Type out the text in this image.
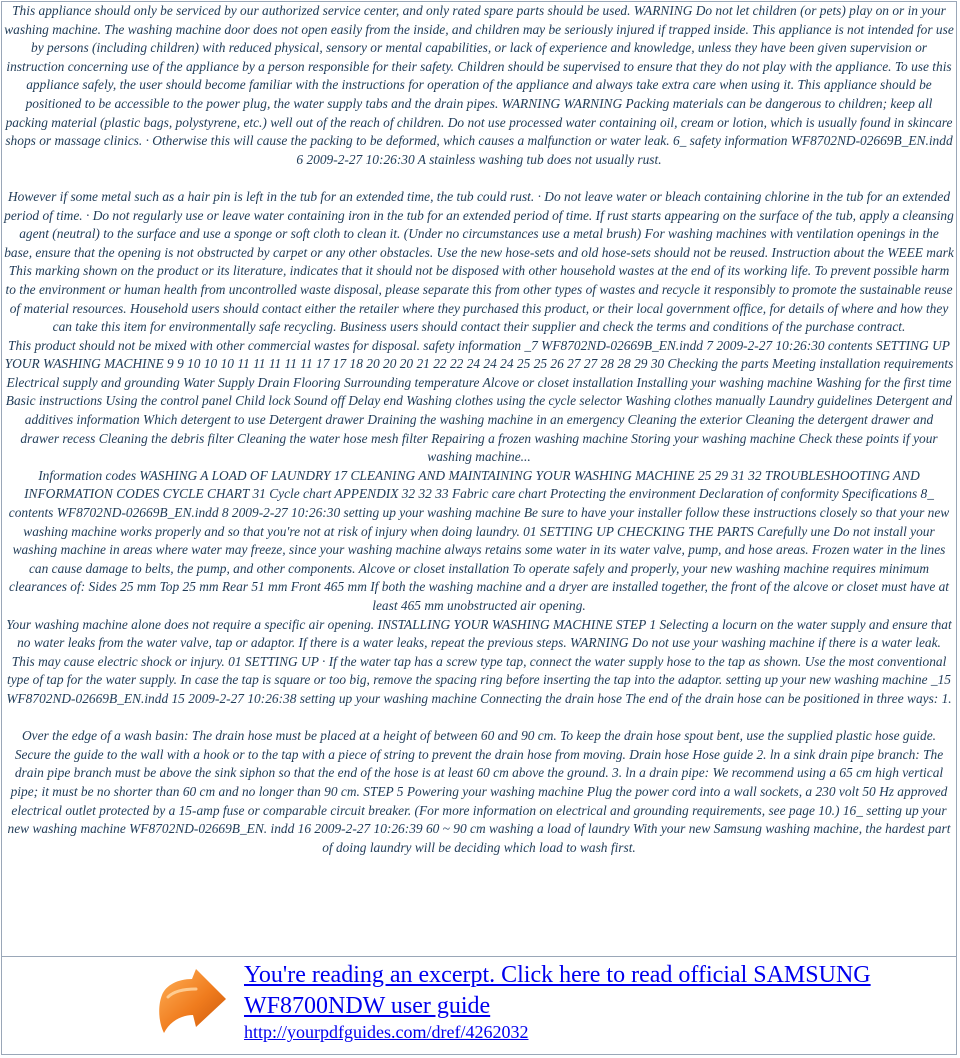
This appliance should only be serviced by our authorized service center, and only rated spare parts should be used. WARNING Do not let children (or pets) play on or in your washing machine. The washing machine door does not open easily from the inside, and children may be seriously injured if trapped inside. This appliance is not intended for use by persons (including children) with reduced physical, sensory or mental capabilities, or lack of experience and knowledge, unless they have been given supervision or instruction concerning use of the appliance by a person responsible for their safety. Children should be supervised to ensure that they do not play with the appliance. To use this appliance safely, the user should become familiar with the instructions for operation of the appliance and always take extra care when using it. This appliance should be positioned to be accessible to the power plug, the water supply tabs and the drain pipes. WARNING WARNING Packing materials can be dangerous to children; keep all packing material (plastic bags, polystyrene, etc.) well out of the reach of children. Do not use processed water containing oil, cream or lotion, which is usually found in skincare shops or massage clinics. · Otherwise this will cause the packing to be deformed, which causes a malfunction or water leak. 6_ safety information WF8702ND-02669B_EN.indd 6 2009-2-27 10:26:30 A stainless washing tub does not usually rust.

However if some metal such as a hair pin is left in the tub for an extended time, the tub could rust. · Do not leave water or bleach containing chlorine in the tub for an extended period of time. · Do not regularly use or leave water containing iron in the tub for an extended period of time. If rust starts appearing on the surface of the tub, apply a cleansing agent (neutral) to the surface and use a sponge or soft cloth to clean it. (Under no circumstances use a metal brush) For washing machines with ventilation openings in the base, ensure that the opening is not obstructed by carpet or any other obstacles. Use the new hose-sets and old hose-sets should not be reused. Instruction about the WEEE mark This marking shown on the product or its literature, indicates that it should not be disposed with other household wastes at the end of its working life. To prevent possible harm to the environment or human health from uncontrolled waste disposal, please separate this from other types of wastes and recycle it responsibly to promote the sustainable reuse of material resources. Household users should contact either the retailer where they purchased this product, or their local government office, for details of where and how they can take this item for environmentally safe recycling. Business users should contact their supplier and check the terms and conditions of the purchase contract.

This product should not be mixed with other commercial wastes for disposal. safety information _7 WF8702ND-02669B_EN.indd 7 2009-2-27 10:26:30 contents SETTING UP YOUR WASHING MACHINE 9 9 10 10 10 11 11 11 11 11 17 17 18 20 20 20 21 22 22 24 24 24 25 25 26 27 27 28 28 29 30 Checking the parts Meeting installation requirements Electrical supply and grounding Water Supply Drain Flooring Surrounding temperature Alcove or closet installation Installing your washing machine Washing for the first time Basic instructions Using the control panel Child lock Sound off Delay end Washing clothes using the cycle selector Washing clothes manually Laundry guidelines Detergent and additives information Which detergent to use Detergent drawer Draining the washing machine in an emergency Cleaning the exterior Cleaning the detergent drawer and drawer recess Cleaning the debris filter Cleaning the water hose mesh filter Repairing a frozen washing machine Storing your washing machine Check these points if your washing machine...

Information codes WASHING A LOAD OF LAUNDRY 17 CLEANING AND MAINTAINING YOUR WASHING MACHINE 25 29 31 32 TROUBLESHOOTING AND INFORMATION CODES CYCLE CHART 31 Cycle chart APPENDIX 32 32 33 Fabric care chart Protecting the environment Declaration of conformity Specifications 8_ contents WF8702ND-02669B_EN.indd 8 2009-2-27 10:26:30 setting up your washing machine Be sure to have your installer follow these instructions closely so that your new washing machine works properly and so that you're not at risk of injury when doing laundry. 01 SETTING UP CHECKING THE PARTS Carefully une Do not install your washing machine in areas where water may freeze, since your washing machine always retains some water in its water valve, pump, and hose areas. Frozen water in the lines can cause damage to belts, the pump, and other components. Alcove or closet installation To operate safely and properly, your new washing machine requires minimum clearances of: Sides 25 mm Top 25 mm Rear 51 mm Front 465 mm If both the washing machine and a dryer are installed together, the front of the alcove or closet must have at least 465 mm unobstructed air opening.

Your washing machine alone does not require a specific air opening. INSTALLING YOUR WASHING MACHINE STEP 1 Selecting a locurn on the water supply and ensure that no water leaks from the water valve, tap or adaptor. If there is a water leaks, repeat the previous steps. WARNING Do not use your washing machine if there is a water leak. This may cause electric shock or injury. 01 SETTING UP · If the water tap has a screw type tap, connect the water supply hose to the tap as shown. Use the most conventional type of tap for the water supply. In case the tap is square or too big, remove the spacing ring before inserting the tap into the adaptor. setting up your new washing machine _15 WF8702ND-02669B_EN.indd 15 2009-2-27 10:26:38 setting up your washing machine Connecting the drain hose The end of the drain hose can be positioned in three ways: 1.

Over the edge of a wash basin: The drain hose must be placed at a height of between 60 and 90 cm. To keep the drain hose spout bent, use the supplied plastic hose guide. Secure the guide to the wall with a hook or to the tap with a piece of string to prevent the drain hose from moving. Drain hose Hose guide 2. ln a sink drain pipe branch: The drain pipe branch must be above the sink siphon so that the end of the hose is at least 60 cm above the ground. 3. ln a drain pipe: We recommend using a 65 cm high vertical pipe; it must be no shorter than 60 cm and no longer than 90 cm. STEP 5 Powering your washing machine Plug the power cord into a wall sockets, a 230 volt 50 Hz approved electrical outlet protected by a 15-amp fuse or comparable circuit breaker. (For more information on electrical and grounding requirements, see page 10.) 16_ setting up your new washing machine WF8702ND-02669B_EN. indd 16 2009-2-27 10:26:39 60 ~ 90 cm washing a load of laundry With your new Samsung washing machine, the hardest part of doing laundry will be deciding which load to wash first.

You're reading an excerpt. Click here to read official SAMSUNG WF8700NDW user guide
http://yourpdfguides.com/dref/4262032
